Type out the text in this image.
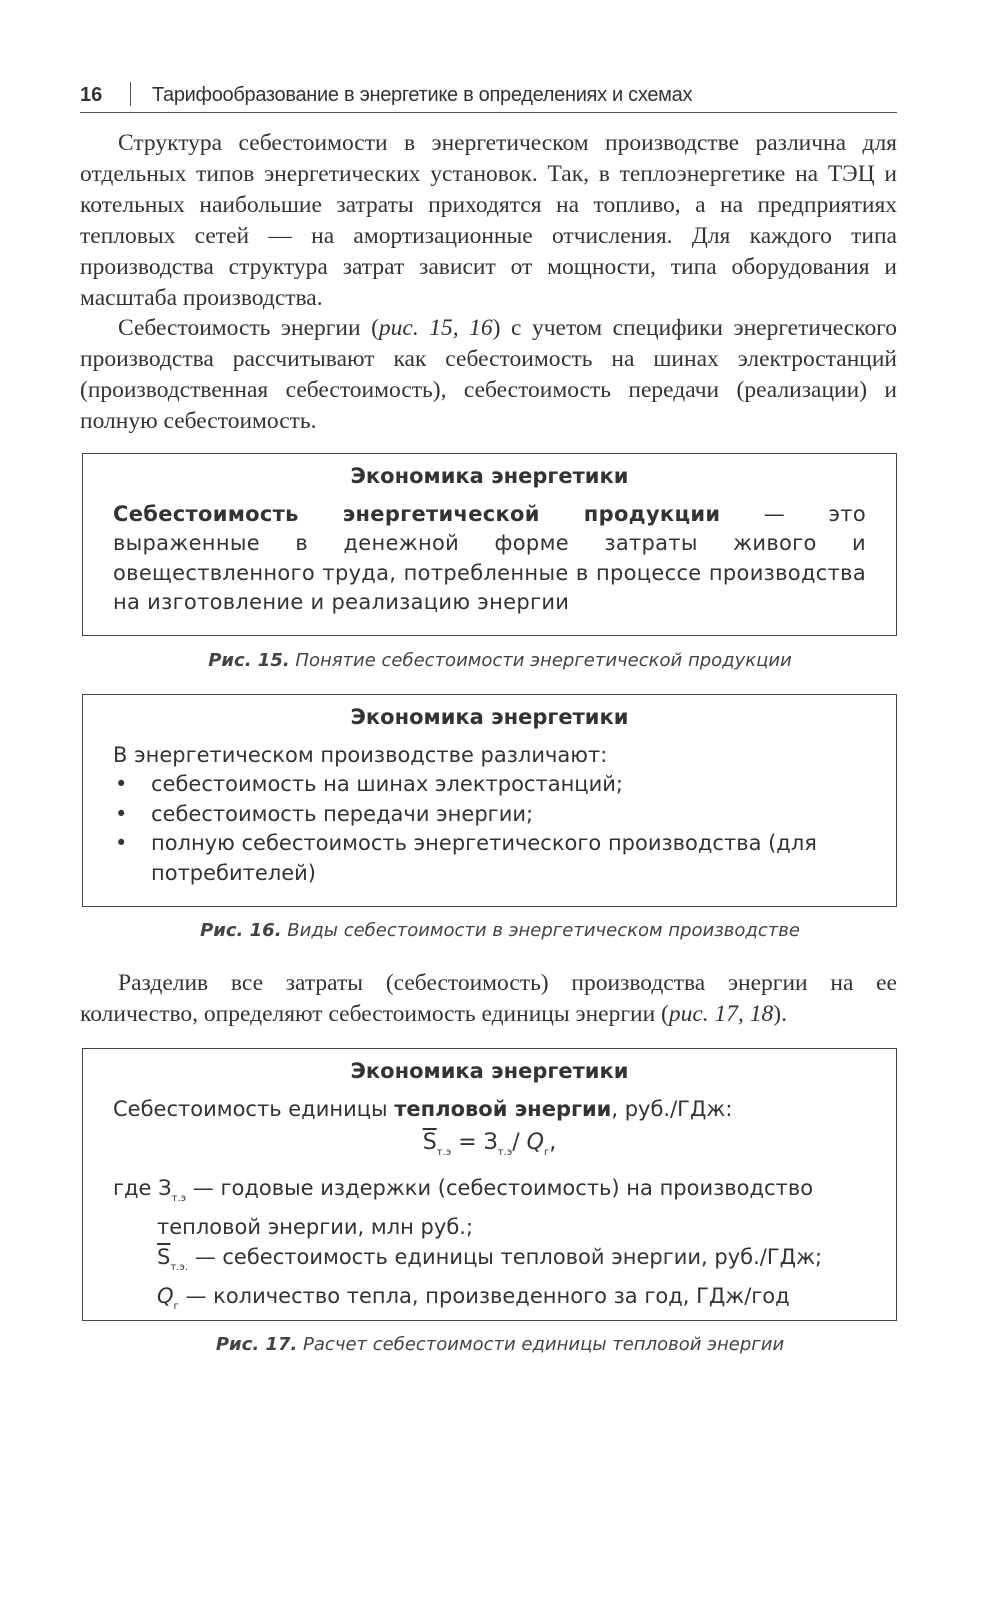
16 Тарифообразование в энергетике в определениях и схемах
Структура себестоимости в энергетическом производстве различна для отдельных типов энергетических установок. Так, в теплоэнергетике на ТЭЦ и котельных наибольшие затраты приходятся на топливо, а на предприятиях тепловых сетей — на амортизационные отчисления. Для каждого типа производства структура затрат зависит от мощности, типа оборудования и масштаба производства.
Себестоимость энергии (рис. 15, 16) с учетом специфики энергетического производства рассчитывают как себестоимость на шинах электростанций (производственная себестоимость), себестоимость передачи (реализации) и полную себестоимость.
Экономика энергетики
Себестоимость энергетической продукции — это выраженные в денежной форме затраты живого и овеществленного труда, потребленные в процессе производства на изготовление и реализацию энергии
Рис. 15. Понятие себестоимости энергетической продукции
Экономика энергетики
В энергетическом производстве различают:
• себестоимость на шинах электростанций;
• себестоимость передачи энергии;
• полную себестоимость энергетического производства (для потребителей)
Рис. 16. Виды себестоимости в энергетическом производстве
Разделив все затраты (себестоимость) производства энергии на ее количество, определяют себестоимость единицы энергии (рис. 17, 18).
Экономика энергетики
Себестоимость единицы тепловой энергии, руб./ГДж:
$\overline{S}_{т.э} = З_{т.э}/$ $Q_г$,
где $З_{т.э}$ — годовые издержки (себестоимость) на производство тепловой энергии, млн руб.;
$\overline{S}_{т.э.}$ — себестоимость единицы тепловой энергии, руб./ГДж;
$Q_г$ — количество тепла, произведенного за год, ГДж/год
Рис. 17. Расчет себестоимости единицы тепловой энергии
